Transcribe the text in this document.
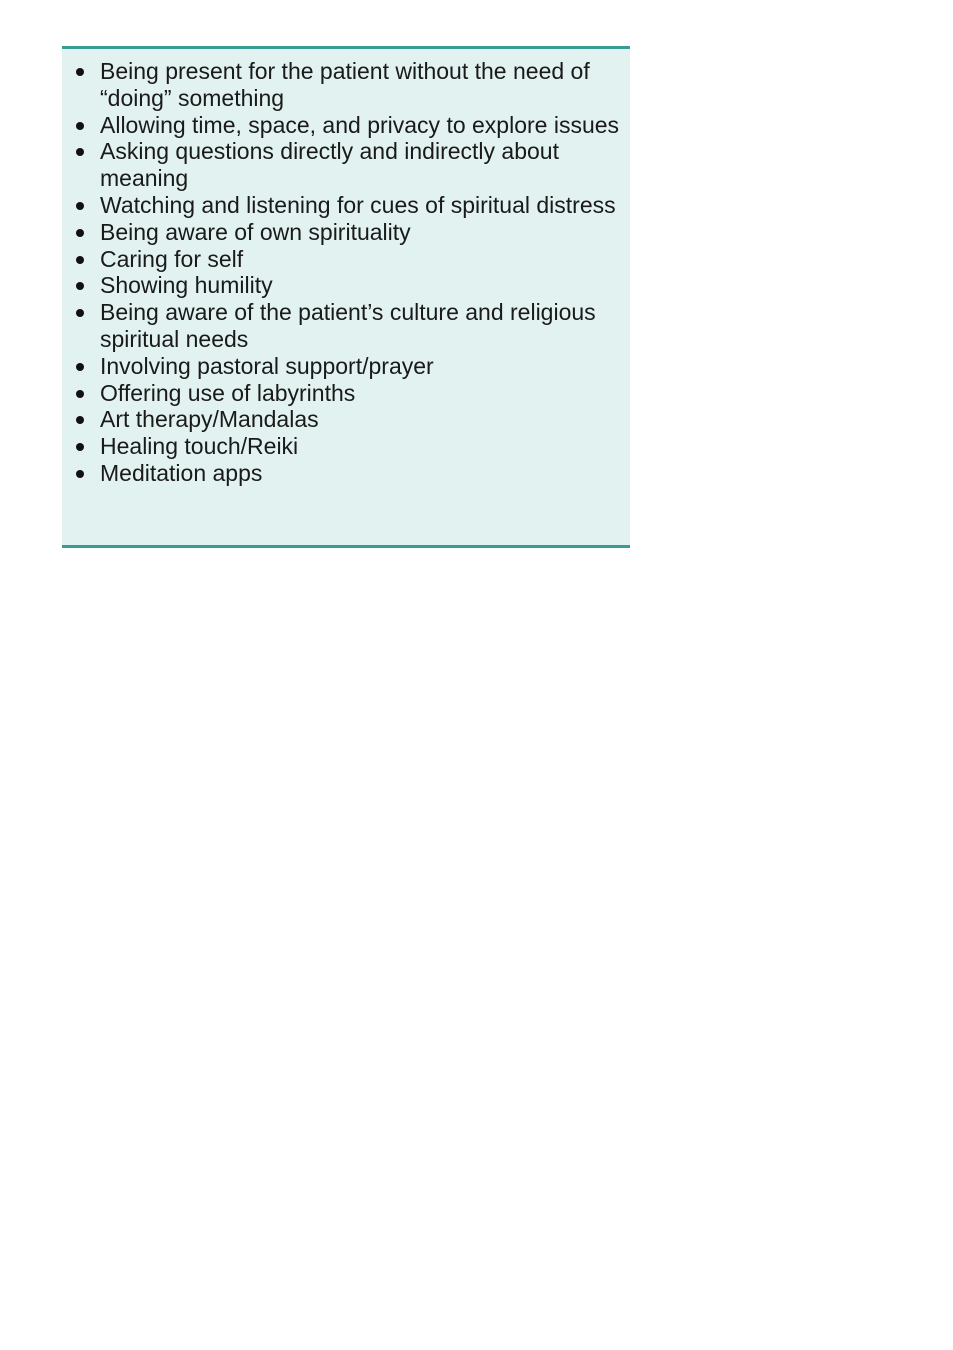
Being present for the patient without the need of “doing” something
Allowing time, space, and privacy to explore issues
Asking questions directly and indirectly about meaning
Watching and listening for cues of spiritual distress
Being aware of own spirituality
Caring for self
Showing humility
Being aware of the patient’s culture and religious spiritual needs
Involving pastoral support/prayer
Offering use of labyrinths
Art therapy/Mandalas
Healing touch/Reiki
Meditation apps
